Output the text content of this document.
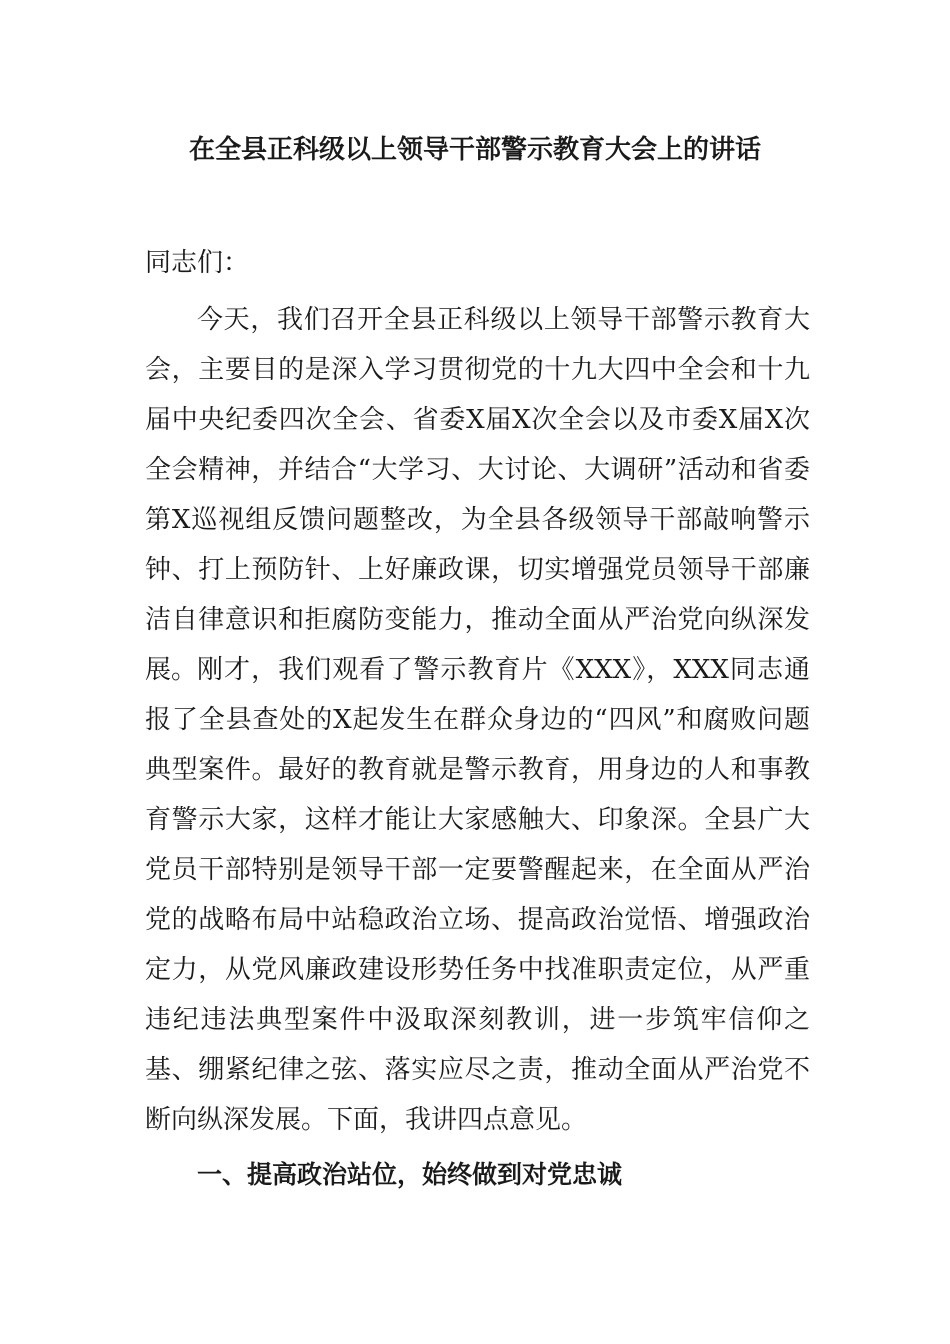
在全县正科级以上领导干部警示教育大会上的讲话

同志们：

今天，我们召开全县正科级以上领导干部警示教育大会，主要目的是深入学习贯彻党的十九大四中全会和十九届中央纪委四次全会、省委Ⅹ届Ⅹ次全会以及市委Ⅹ届Ⅹ次全会精神，并结合“大学习、大讨论、大调研”活动和省委第Ⅹ巡视组反馈问题整改，为全县各级领导干部敲响警示钟、打上预防针、上好廉政课，切实增强党员领导干部廉洁自律意识和拒腐防变能力，推动全面从严治党向纵深发展。 刚才，我们观看了警示教育片《XXX》，XXX同志通报了全县查处的Ⅹ起发生在群众身边的“四风”和腐败问题典型案件。最好的教育就是警示教育，用身边的人和事教育警示大家，这样才能让大家感触大、印象深。全县广大党员干部特别是领导干部一定要警醒起来，在全面从严治党的战略布局中站稳政治立场、提高政治觉悟、增强政治定力，从党风廉政建设形势任务中找准职责定位，从严重违纪违法典型案件中汲取深刻教训，进一步筑牢信仰之基、绷紧纪律之弦、落实应尽之责，推动全面从严治党不断向纵深发展。下面，我讲四点意见。

一、提高政治站位，始终做到对党忠诚
